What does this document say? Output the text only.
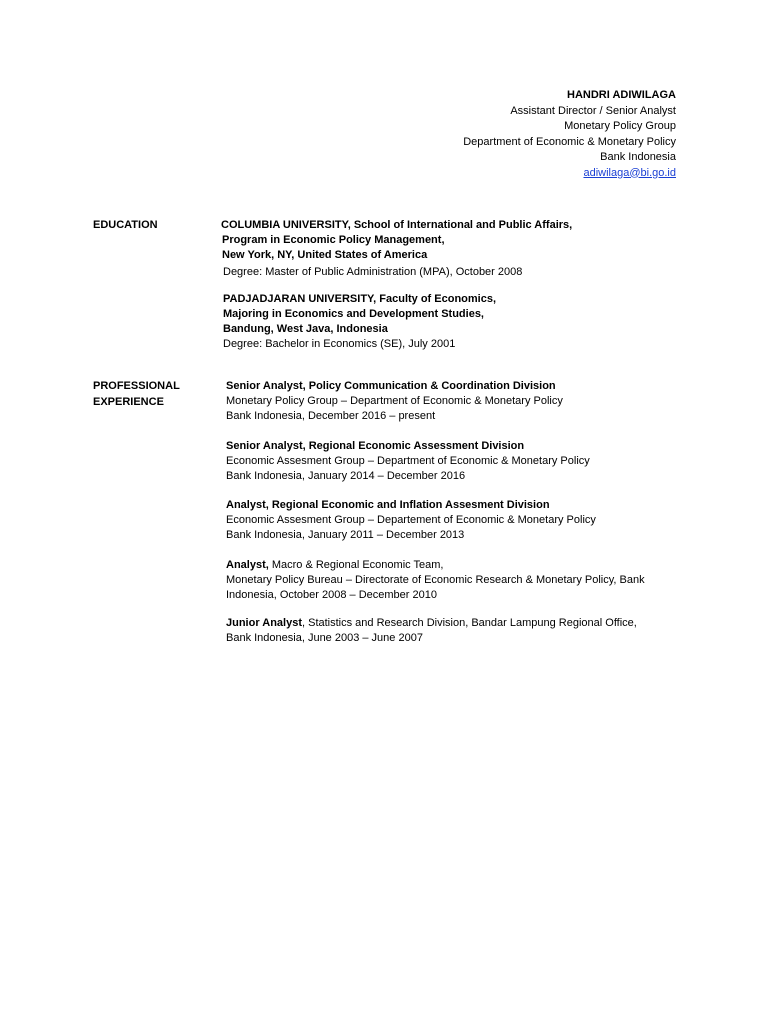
HANDRI ADIWILAGA
Assistant Director / Senior Analyst
Monetary Policy Group
Department of Economic & Monetary Policy
Bank Indonesia
adiwilaga@bi.go.id
EDUCATION	COLUMBIA UNIVERSITY, School of International and Public Affairs,
Program in Economic Policy Management,
New York, NY, United States of America
Degree: Master of Public Administration (MPA), October 2008
PADJADJARAN UNIVERSITY, Faculty of Economics,
Majoring in Economics and Development Studies,
Bandung, West Java, Indonesia
Degree: Bachelor in Economics (SE), July 2001
PROFESSIONAL
EXPERIENCE
Senior Analyst, Policy Communication & Coordination Division
Monetary Policy Group – Department of Economic & Monetary Policy
Bank Indonesia, December 2016 – present
Senior Analyst, Regional Economic Assessment Division
Economic Assesment Group – Department of Economic & Monetary Policy
Bank Indonesia, January 2014 – December 2016
Analyst, Regional Economic and Inflation Assesment Division
Economic Assesment Group – Departement of Economic & Monetary Policy
Bank Indonesia, January 2011 – December 2013
Analyst, Macro & Regional Economic Team,
Monetary Policy Bureau – Directorate of Economic Research & Monetary Policy, Bank
Indonesia, October 2008 – December 2010
Junior Analyst, Statistics and Research Division, Bandar Lampung Regional Office,
Bank Indonesia, June 2003 – June 2007
